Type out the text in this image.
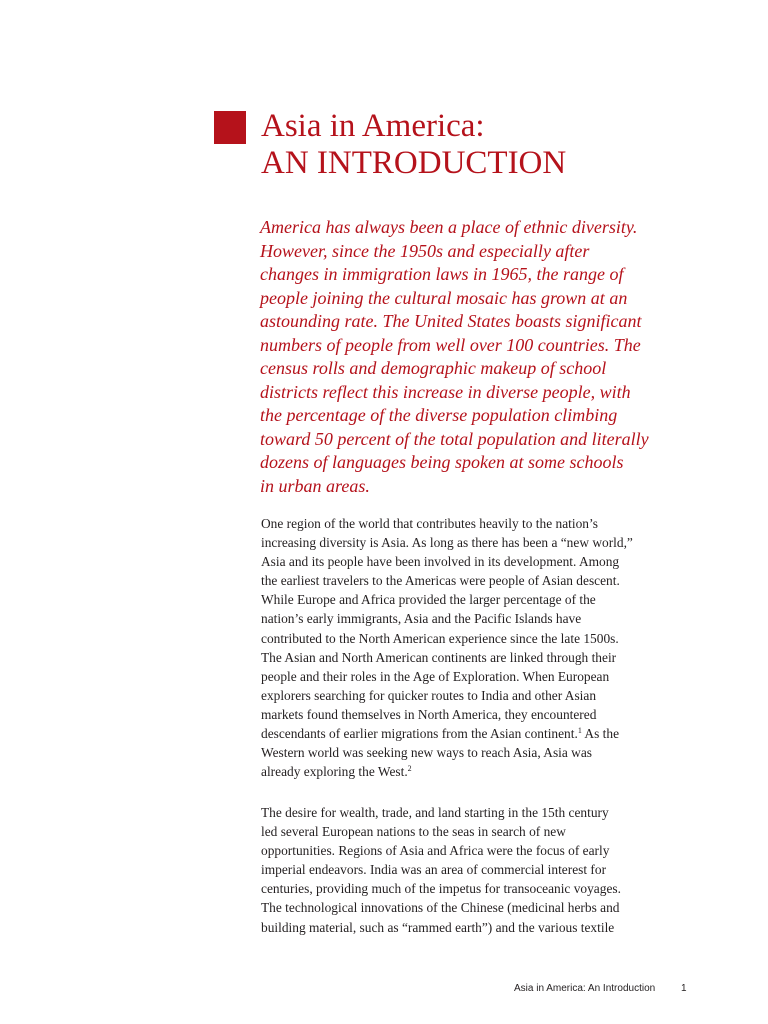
Asia in America:
AN INTRODUCTION

America has always been a place of ethnic diversity.
However, since the 1950s and especially after
changes in immigration laws in 1965, the range of
people joining the cultural mosaic has grown at an
astounding rate. The United States boasts significant
numbers of people from well over 100 countries. The
census rolls and demographic makeup of school
districts reflect this increase in diverse people, with
the percentage of the diverse population climbing
toward 50 percent of the total population and literally
dozens of languages being spoken at some schools
in urban areas.

One region of the world that contributes heavily to the nation’s
increasing diversity is Asia. As long as there has been a “new world,”
Asia and its people have been involved in its development. Among
the earliest travelers to the Americas were people of Asian descent.
While Europe and Africa provided the larger percentage of the
nation’s early immigrants, Asia and the Pacific Islands have
contributed to the North American experience since the late 1500s.
The Asian and North American continents are linked through their
people and their roles in the Age of Exploration. When European
explorers searching for quicker routes to India and other Asian
markets found themselves in North America, they encountered
descendants of earlier migrations from the Asian continent.$^1$ As the
Western world was seeking new ways to reach Asia, Asia was
already exploring the West.$^2$

The desire for wealth, trade, and land starting in the 15th century
led several European nations to the seas in search of new
opportunities. Regions of Asia and Africa were the focus of early
imperial endeavors. India was an area of commercial interest for
centuries, providing much of the impetus for transoceanic voyages.
The technological innovations of the Chinese (medicinal herbs and
building material, such as “rammed earth”) and the various textile

Asia in America: An Introduction	1
